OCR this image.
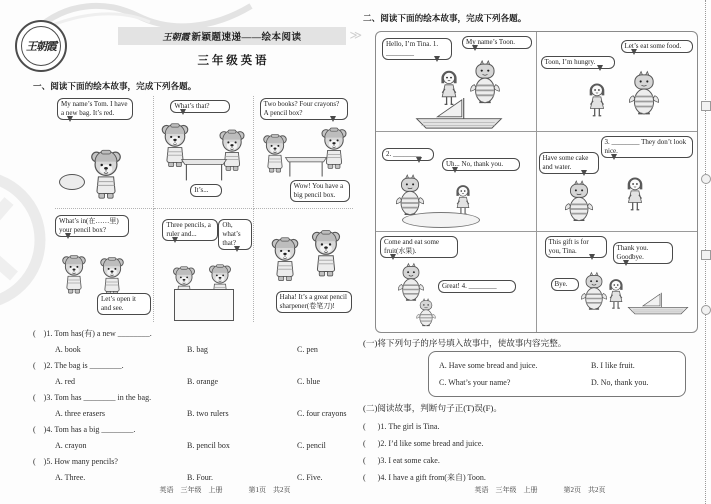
王朝霞
王朝霞 新颖题速递——绘本阅读	≫
三 年 级 英 语
一、阅读下面的绘本故事，完成下列各题。
My name’s Tom. I have a new bag. It’s red.
What’s that?
It’s...
Two books? Four crayons? A pencil box?
Wow! You have a big pencil box.
What’s in(在……里) your pencil box?
Let’s open it and see.
Three pencils, a ruler and...
Oh, what’s that?
Haha! It’s a great pencil sharpener(卷笔刀)!
(    )1. Tom has(有) a new ________.
A. book	B. bag	C. pen
(    )2. The bag is ________.
A. red	B. orange	C. blue
(    )3. Tom has ________ in the bag.
A. three erasers	B. two rulers	C. four crayons
(    )4. Tom has a big ________.
A. crayon	B. pencil box	C. pencil
(    )5. How many pencils?
A. Three.	B. Four.	C. Five.
英语　三年级　上册	第1页　共2页
二、阅读下面的绘本故事，完成下列各题。
Hello, I’m Tina. 1. ________
My name’s Toon.
Toon, I’m hungry.
Let’s eat some food.
2. ________
Uh... No, thank you.
Have some cake and water.
3. ________ They don’t look nice.
Come and eat some fruit(水果).
Great! 4. ________
This gift is for you, Tina.	Thank you. Goodbye.
Bye.
(一)将下列句子的序号填入故事中，使故事内容完整。
A. Have some bread and juice.	B. I like fruit.
C. What’s your name?	D. No, thank you.
(二)阅读故事，判断句子正(T)误(F)。
(      )1. The girl is Tina.
(      )2. I’d like some bread and juice.
(      )3. I eat some cake.
(      )4. I have a gift from(来自) Toon.
英语　三年级　上册	第2页　共2页
